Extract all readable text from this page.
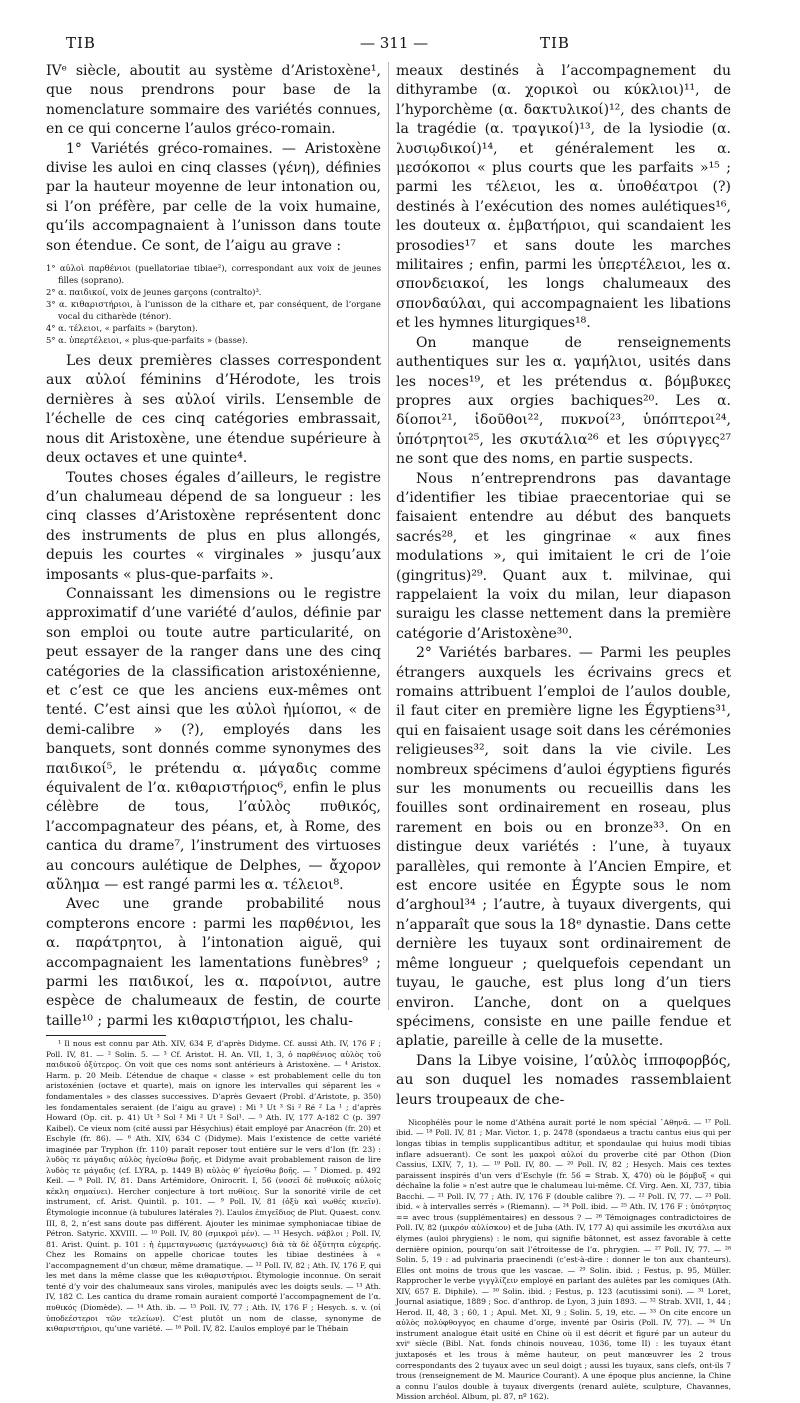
TIB	— 311 —	TIB

IVᵉ siècle, aboutit au système d’Aristoxène¹, que nous prendrons pour base de la nomenclature sommaire des variétés connues, en ce qui concerne l’aulos gréco-romain.

1° Variétés gréco-romaines. — Aristoxène divise les auloi en cinq classes (γένη), définies par la hauteur moyenne de leur intonation ou, si l’on préfère, par celle de la voix humaine, qu’ils accompagnaient à l’unisson dans toute son étendue. Ce sont, de l’aigu au grave :

1° αὐλοὶ παρθένιοι (puellatoriae tibiae²), correspondant aux voix de jeunes filles (soprano).
2° α. παιδικοί, voix de jeunes garçons (contralto)³.
3° α. κιθαριστήριοι, à l’unisson de la cithare et, par conséquent, de l’organe vocal du citharède (ténor).
4° α. τέλειοι, « parfaits » (baryton).
5° α. ὑπερτέλειοι, « plus-que-parfaits » (basse).

Les deux premières classes correspondent aux αὐλοί féminins d’Hérodote, les trois dernières à ses αὐλοί virils. L’ensemble de l’échelle de ces cinq catégories embrassait, nous dit Aristoxène, une étendue supérieure à deux octaves et une quinte⁴.

Toutes choses égales d’ailleurs, le registre d’un chalumeau dépend de sa longueur : les cinq classes d’Aristoxène représentent donc des instruments de plus en plus allongés, depuis les courtes « virginales » jusqu’aux imposants « plus-que-parfaits ».

Connaissant les dimensions ou le registre approximatif d’une variété d’aulos, définie par son emploi ou toute autre particularité, on peut essayer de la ranger dans une des cinq catégories de la classification aristoxénienne, et c’est ce que les anciens eux-mêmes ont tenté. C’est ainsi que les αὐλοὶ ἡμίοποι, « de demi-calibre » (?), employés dans les banquets, sont donnés comme synonymes des παιδικοί⁵, le prétendu α. μάγαδις comme équivalent de l’α. κιθαριστήριος⁶, enfin le plus célèbre de tous, l’αὐλὸς πυθικός, l’accompagnateur des péans, et, à Rome, des cantica du drame⁷, l’instrument des virtuoses au concours aulétique de Delphes, — ἄχορον αὔλημα — est rangé parmi les α. τέλειοι⁸.

Avec une grande probabilité nous compterons encore : parmi les παρθένιοι, les α. παράτρητοι, à l’intonation aiguë, qui accompagnaient les lamentations funèbres⁹ ; parmi les παιδικοί, les α. παρoίνιοι, autre espèce de chalumeaux de festin, de courte taille¹⁰ ; parmi les κιθαριστήριοι, les chalu-

¹ Il nous est connu par Ath. XIV, 634 F, d’après Didyme. Cf. aussi Ath. IV, 176 F ; Poll. IV, 81. — ² Solin. 5. — ³ Cf. Aristot. H. An. VII, 1, 3, ὁ παρθένιος αὐλὸς τοῦ παιδικοῦ ὀξύτερος. On voit que ces noms sont antérieurs à Aristoxène. — ⁴ Aristox. Harm. p. 20 Meib. L’étendue de chaque « classe » est probablement celle du ton aristoxénien (octave et quarte), mais on ignore les intervalles qui séparent les « fondamentales » des classes successives. D’après Gevaert (Probl. d’Aristote, p. 350) les fondamentales seraient (de l’aigu au grave) : Mi ³ Ut ³ Si ² Ré ² La ¹ ; d’après Howard (Op. cit. p. 41) Ut ³ Sol ² Mi ² Ut ² Sol¹. — ⁵ Ath. IV, 177 A-182 C (p. 397 Kaibel). Ce vieux nom (cité aussi par Hésychius) était employé par Anacréon (fr. 20) et Eschyle (fr. 86). — ⁶ Ath. XIV, 634 C (Didyme). Mais l’existence de cette variété imaginée par Tryphon (fr. 110) paraît reposer tout entière sur le vers d’Ion (fr. 23) : λυδὸς τε μάγαδις αὐλὸς ἡγείσθω βοῆς, et Didyme avait probablement raison de lire λυδὸς τε μάγαδις (cf. LYRA, p. 1449 B) αὐλὸς θ’ ἡγείσθω βοῆς. — ⁷ Diomed. p. 492 Keil. — ⁸ Poll. IV, 81. Dans Artémidore, Onirocrit. I, 56 (νοσεῖ δὲ πυθικοῖς αὐλοῖς κέκλη σημαίνει). Hercher conjecture à tort πυθίοις. Sur la sonorité virile de cet instrument, cf. Arist. Quintil. p. 101. — ⁹ Poll. IV, 81 (ὀξὺ καὶ νωθές κινεῖν). Étymologie inconnue (à tubulures latérales ?). L’aulos ἐπιγεῖδιος de Plut. Quaest. conv. III, 8, 2, n’est sans doute pas différent. Ajouter les minimae symphoniacae tibiae de Pétron. Satyric. XXVIII. — ¹⁰ Poll. IV, 80 (σμικροὶ μέν). — ¹¹ Hesych. νάβλοι ; Poll. IV, 81. Arist. Quint. p. 101 : ἡ ἐμμεταγνωσις (μετάγνωσις) διὰ τὰ δὲ ὀξύτητα εὐχερής. Chez les Romains on appelle choricae toutes les tibiae destinées à « l’accompagnement d’un chœur, même dramatique. — ¹² Poll. IV, 82 ; Ath. IV, 176 F, qui les met dans la même classe que les κιθαριστήριοι. Étymologie inconnue. On serait tenté d’y voir des chalumeaux sans viroles, manipulés avec les doigts seuls. — ¹³ Ath. IV, 182 C. Les cantica du drame romain auraient comporté l’accompagnement de l’α. πυθικός (Diomède). — ¹⁴ Ath. ib. — ¹⁵ Poll. IV, 77 ; Ath. IV, 176 F ; Hesych. s. v. (οἱ ὑποδεέστεροι τῶν τελείων). C’est plutôt un nom de classe, synonyme de κιθαριστήριοι, qu’une variété. — ¹⁶ Poll. IV, 82. L’aulos employé par le Thébain

meaux destinés à l’accompagnement du dithyrambe (α. χορικοὶ ou κύκλιοι)¹¹, de l’hyporchème (α. δακτυλικοί)¹², des chants de la tragédie (α. τραγικοί)¹³, de la lysiodie (α. λυσιῳδικοί)¹⁴, et généralement les α. μεσόκοποι « plus courts que les parfaits »¹⁵ ; parmi les τέλειοι, les α. ὑποθέατροι (?) destinés à l’exécution des nomes aulétiques¹⁶, les douteux α. ἐμβατήριοι, qui scandaient les prosodies¹⁷ et sans doute les marches militaires ; enfin, parmi les ὑπερτέλειοι, les α. σπονδειακοί, les longs chalumeaux des σπονδαύλαι, qui accompagnaient les libations et les hymnes liturgiques¹⁸.

On manque de renseignements authentiques sur les α. γαμήλιοι, usités dans les noces¹⁹, et les prétendus α. βόμβυκες propres aux orgies bachiques²⁰. Les α. δίοποι²¹, ἰδοῦθοι²², πυκνοί²³, ὑπόπτεροι²⁴, ὑπότρητοι²⁵, les σκυτάλια²⁶ et les σύριγγες²⁷ ne sont que des noms, en partie suspects.

Nous n’entreprendrons pas davantage d’identifier les tibiae praecentoriae qui se faisaient entendre au début des banquets sacrés²⁸, et les gingrinae « aux fines modulations », qui imitaient le cri de l’oie (gingritus)²⁹. Quant aux t. milvinae, qui rappelaient la voix du milan, leur diapason suraigu les classe nettement dans la première catégorie d’Aristoxène³⁰.

2° Variétés barbares. — Parmi les peuples étrangers auxquels les écrivains grecs et romains attribuent l’emploi de l’aulos double, il faut citer en première ligne les Égyptiens³¹, qui en faisaient usage soit dans les cérémonies religieuses³², soit dans la vie civile. Les nombreux spécimens d’auloi égyptiens figurés sur les monuments ou recueillis dans les fouilles sont ordinairement en roseau, plus rarement en bois ou en bronze³³. On en distingue deux variétés : l’une, à tuyaux parallèles, qui remonte à l’Ancien Empire, et est encore usitée en Égypte sous le nom d’arghoul³⁴ ; l’autre, à tuyaux divergents, qui n’apparaît que sous la 18ᵉ dynastie. Dans cette dernière les tuyaux sont ordinairement de même longueur ; quelquefois cependant un tuyau, le gauche, est plus long d’un tiers environ. L’anche, dont on a quelques spécimens, consiste en une paille fendue et aplatie, pareille à celle de la musette.

Dans la Libye voisine, l’αὐλὸς ἱπποφορβός, au son duquel les nomades rassemblaient leurs troupeaux de che-

Nicophélès pour le nome d’Athéna aurait porté le nom spécial ᾽Αθηνᾶ. — ¹⁷ Poll. ibid. — ¹⁸ Poll. IV, 81 ; Mar. Victor. 1, p. 2478 (spondaeus a tractu cantus eius qui per longas tibias in templis supplicantibus adtitur, et spondaulae qui huius modi tibias inflare adsuerant). Ce sont les μακροὶ αὐλοί du proverbe cité par Othon (Dion Cassius, LXIV, 7, 1). — ¹⁹ Poll. IV, 80. — ²⁰ Poll. IV, 82 ; Hesych. Mais ces textes paraissent inspirés d’un vers d’Eschyle (fr. 56 = Strab. X, 470) où le βόμβυξ « qui déchaîne la folie » n’est autre que le chalumeau lui-même. Cf. Virg. Aen. XI, 737, tibia Bacchi. — ²¹ Poll. IV, 77 ; Ath. IV, 176 F (double calibre ?). — ²² Poll. IV, 77. — ²³ Poll. ibid. « à intervalles serrés » (Riemann). — ²⁴ Poll. ibid. — ²⁵ Ath. IV, 176 F : ὑπότρητος == avec trous (supplémentaires) en dessous ? — ²⁶ Témoignages contradictoires de Poll. IV, 82 (μικρόν αὐλίσκον) et de Juba (Ath. IV, 177 A) qui assimile les σκυτάλια aux élymes (auloi phrygiens) : le nom, qui signifie bâtonnet, est assez favorable à cette dernière opinion, pourqu’on sait l’étroitesse de l’α. phrygien. — ²⁷ Poll. IV, 77. — ²⁸ Solin. 5, 19 : ad pulvinaria praecinendi (c’est-à-dire : donner le ton aux chanteurs). Elles ont moins de trous que les vascae. — ²⁹ Solin. ibid. ; Festus, p. 95, Müller. Rapprocher le verbe γιγγλίζειν employé en parlant des aulètes par les comiques (Ath. XIV, 657 E. Diphile). — ³⁰ Solin. ibid. ; Festus, p. 123 (acutissimi soni). — ³¹ Loret, Journal asiatique, 1889 ; Soc. d’anthrop. de Lyon, 3 juin 1893. — ³² Strab. XVII, 1, 44 ; Herod. II, 48, 3 ; 60, 1 ; Apul. Met. XI, 9 ; Solin. 5, 19, etc. — ³³ On cite encore un αὐλὸς πολύφθογγος en chaume d’orge, inventé par Osiris (Poll. IV, 77). — ³⁴ Un instrument analogue était usité en Chine où il est décrit et figuré par un auteur du xviᵉ siècle (Bibl. Nat. fonds chinois nouveau, 1036, tome II) : les tuyaux étant juxtaposés et les trous à même hauteur, on peut manœuvrer les 2 trous correspondants des 2 tuyaux avec un seul doigt ; aussi les tuyaux, sans clefs, ont-ils 7 trous (renseignement de M. Maurice Courant). A une époque plus ancienne, la Chine a connu l’aulos double à tuyaux divergents (renard aulète, sculpture, Chavannes, Mission archéol. Album, pl. 87, nº 162).
